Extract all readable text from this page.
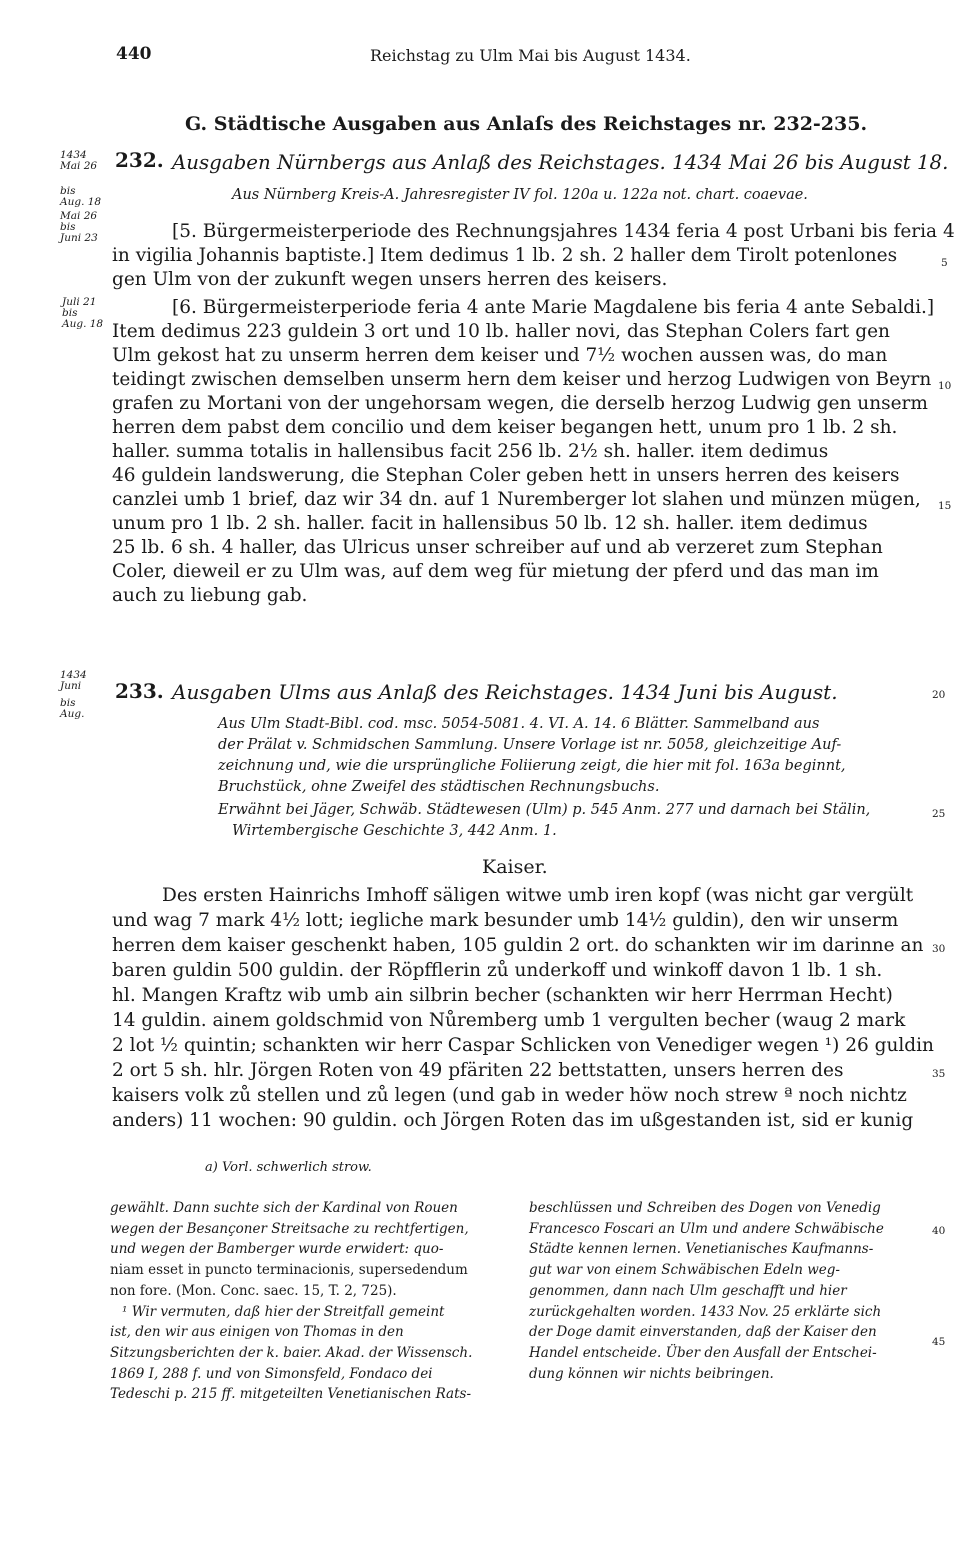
440	Reichstag zu Ulm Mai bis August 1434.
G. Städtische Ausgaben aus Anlaſs des Reichstages nr. 232-235.
1434
Mai 26
bis
Aug. 18
232. Ausgaben Nürnbergs aus Anlaß des Reichstages. 1434 Mai 26 bis August 18.
Aus Nürnberg Kreis-A. Jahresregister IV fol. 120a u. 122a not. chart. coaevae.
Mai 26
bis
Juni 23
Juli 21
bis
Aug. 18
[5. Bürgermeisterperiode des Rechnungsjahres 1434 feria 4 post Urbani bis feria 4
in vigilia Johannis baptiste.] Item dedimus 1 lb. 2 sh. 2 haller dem Tirolt potenlones
gen Ulm von der zukunft wegen unsers herren des keisers.
[6. Bürgermeisterperiode feria 4 ante Marie Magdalene bis feria 4 ante Sebaldi.]
Item dedimus 223 guldein 3 ort und 10 lb. haller novi, das Stephan Colers fart gen
Ulm gekost hat zu unserm herren dem keiser und 7½ wochen aussen was, do man
teidingt zwischen demselben unserm hern dem keiser und herzog Ludwigen von Beyrn
grafen zu Mortani von der ungehorsam wegen, die derselb herzog Ludwig gen unserm
herren dem pabst dem concilio und dem keiser begangen hett, unum pro 1 lb. 2 sh.
haller. summa totalis in hallensibus facit 256 lb. 2½ sh. haller. item dedimus
46 guldein landswerung, die Stephan Coler geben hett in unsers herren des keisers
canzlei umb 1 brief, daz wir 34 dn. auf 1 Nuremberger lot slahen und münzen mügen,
unum pro 1 lb. 2 sh. haller. facit in hallensibus 50 lb. 12 sh. haller. item dedimus
25 lb. 6 sh. 4 haller, das Ulricus unser schreiber auf und ab verzeret zum Stephan
Coler, dieweil er zu Ulm was, auf dem weg für mietung der pferd und das man im
auch zu liebung gab.
5
10
15
1434
Juni
bis
Aug.
233. Ausgaben Ulms aus Anlaß des Reichstages. 1434 Juni bis August.	20
Aus Ulm Stadt-Bibl. cod. msc. 5054-5081. 4. VI. A. 14. 6 Blätter. Sammelband aus
der Prälat v. Schmidschen Sammlung. Unsere Vorlage ist nr. 5058, gleichzeitige Auf-
zeichnung und, wie die ursprüngliche Foliierung zeigt, die hier mit fol. 163a beginnt,
Bruchstück, ohne Zweifel des städtischen Rechnungsbuchs.
Erwähnt bei Jäger, Schwäb. Städtewesen (Ulm) p. 545 Anm. 277 und darnach bei Stälin,
Wirtembergische Geschichte 3, 442 Anm. 1.
25
Kaiser.
Des ersten Hainrichs Imhoff säligen witwe umb iren kopf (was nicht gar vergült
und wag 7 mark 4½ lott; iegliche mark besunder umb 14½ guldin), den wir unserm
herren dem kaiser geschenkt haben, 105 guldin 2 ort. do schankten wir im darinne an
baren guldin 500 guldin. der Röpfflerin zů underkoff und winkoff davon 1 lb. 1 sh.
hl. Mangen Kraftz wib umb ain silbrin becher (schankten wir herr Herrman Hecht)
14 guldin. ainem goldschmid von Nůremberg umb 1 vergulten becher (waug 2 mark
2 lot ½ quintin; schankten wir herr Caspar Schlicken von Venediger wegen ¹) 26 guldin
2 ort 5 sh. hlr. Jörgen Roten von 49 pfäriten 22 bettstatten, unsers herren des
kaisers volk zů stellen und zů legen (und gab in weder höw noch strew ª noch nichtz
anders) 11 wochen: 90 guldin. och Jörgen Roten das im ußgestanden ist, sid er kunig
30
35
a) Vorl. schwerlich strow.
gewählt. Dann suchte sich der Kardinal von Rouen
wegen der Besançoner Streitsache zu rechtfertigen,
und wegen der Bamberger wurde erwidert: quo-
niam esset in puncto terminacionis, supersedendum
non fore. (Mon. Conc. saec. 15, T. 2, 725).
¹ Wir vermuten, daß hier der Streitfall gemeint
ist, den wir aus einigen von Thomas in den
Sitzungsberichten der k. baier. Akad. der Wissensch.
1869 I, 288 f. und von Simonsfeld, Fondaco dei
Tedeschi p. 215 ff. mitgeteilten Venetianischen Rats-
beschlüssen und Schreiben des Dogen von Venedig
Francesco Foscari an Ulm und andere Schwäbische
Städte kennen lernen. Venetianisches Kaufmanns-
gut war von einem Schwäbischen Edeln weg-
genommen, dann nach Ulm geschafft und hier
zurückgehalten worden. 1433 Nov. 25 erklärte sich
der Doge damit einverstanden, daß der Kaiser den
Handel entscheide. Über den Ausfall der Entschei-
dung können wir nichts beibringen.
40
45
